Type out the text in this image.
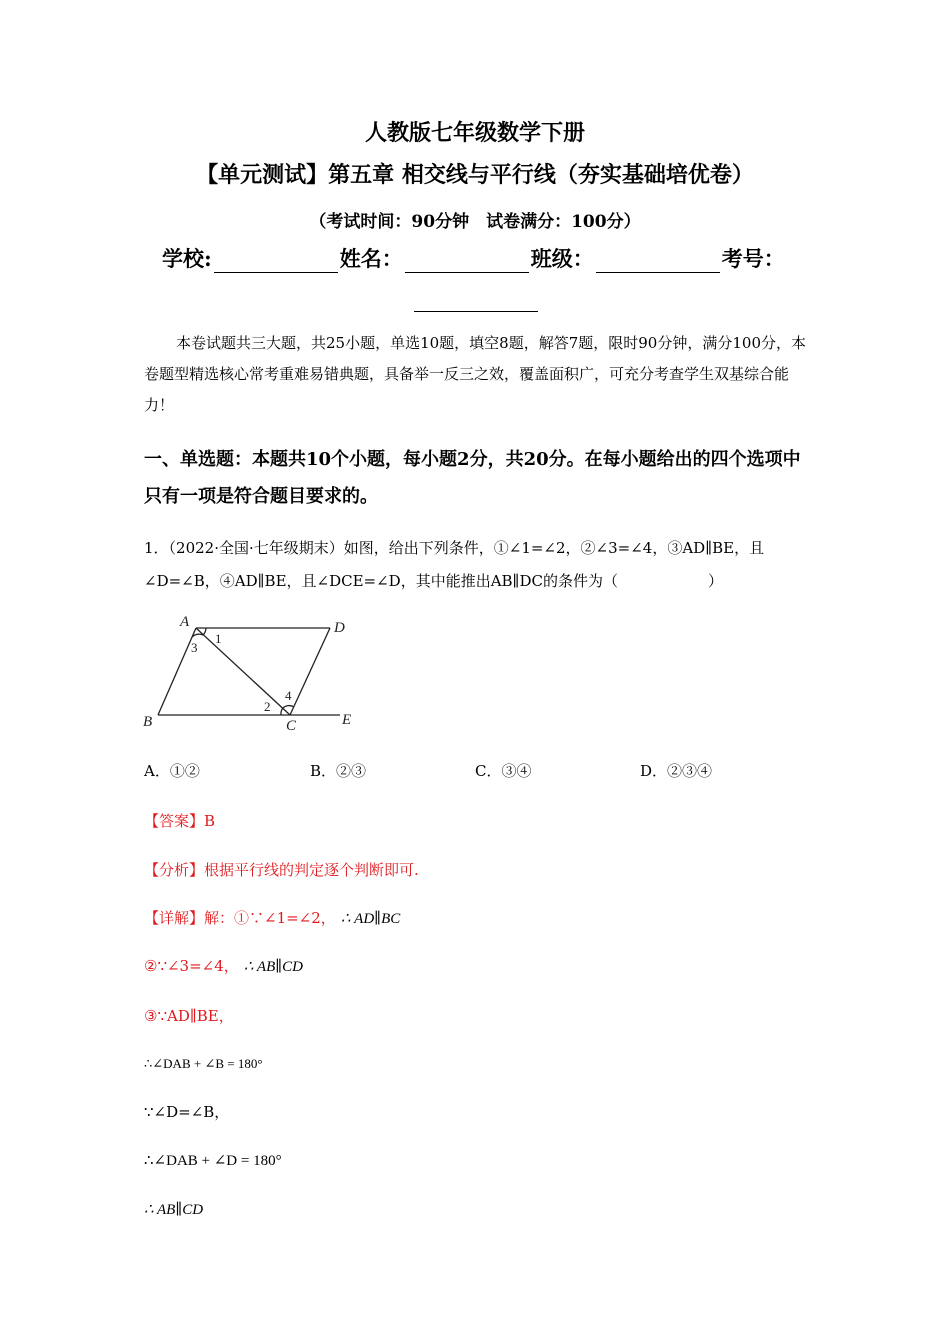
人教版七年级数学下册
【单元测试】第五章 相交线与平行线（夯实基础培优卷）
（考试时间：90分钟　试卷满分：100分）
学校:	姓名：	班级：	考号：
本卷试题共三大题，共25小题，单选10题，填空8题，解答7题，限时90分钟，满分100分，本卷题型精选核心常考重难易错典题，具备举一反三之效，覆盖面积广，可充分考查学生双基综合能力！
一、单选题：本题共10个小题，每小题2分，共20分。在每小题给出的四个选项中只有一项是符合题目要求的。
1．（2022·全国·七年级期末）如图，给出下列条件，①∠1=∠2，②∠3=∠4，③AD∥BE，且∠D=∠B，④AD∥BE，且∠DCE=∠D，其中能推出AB∥DC的条件为（　　　　　　）
A	D
B	C	E
1
2
3
4
A．①②	B．②③	C．③④	D．②③④
【答案】B
【分析】根据平行线的判定逐个判断即可.
【详解】解：①∵∠1=∠2， ∴ AD∥BC
②∵∠3=∠4， ∴ AB∥CD
③∵AD∥BE，
∴∠DAB + ∠B = 180°
∵∠D=∠B，
∴∠DAB + ∠D = 180°
∴ AB∥CD
